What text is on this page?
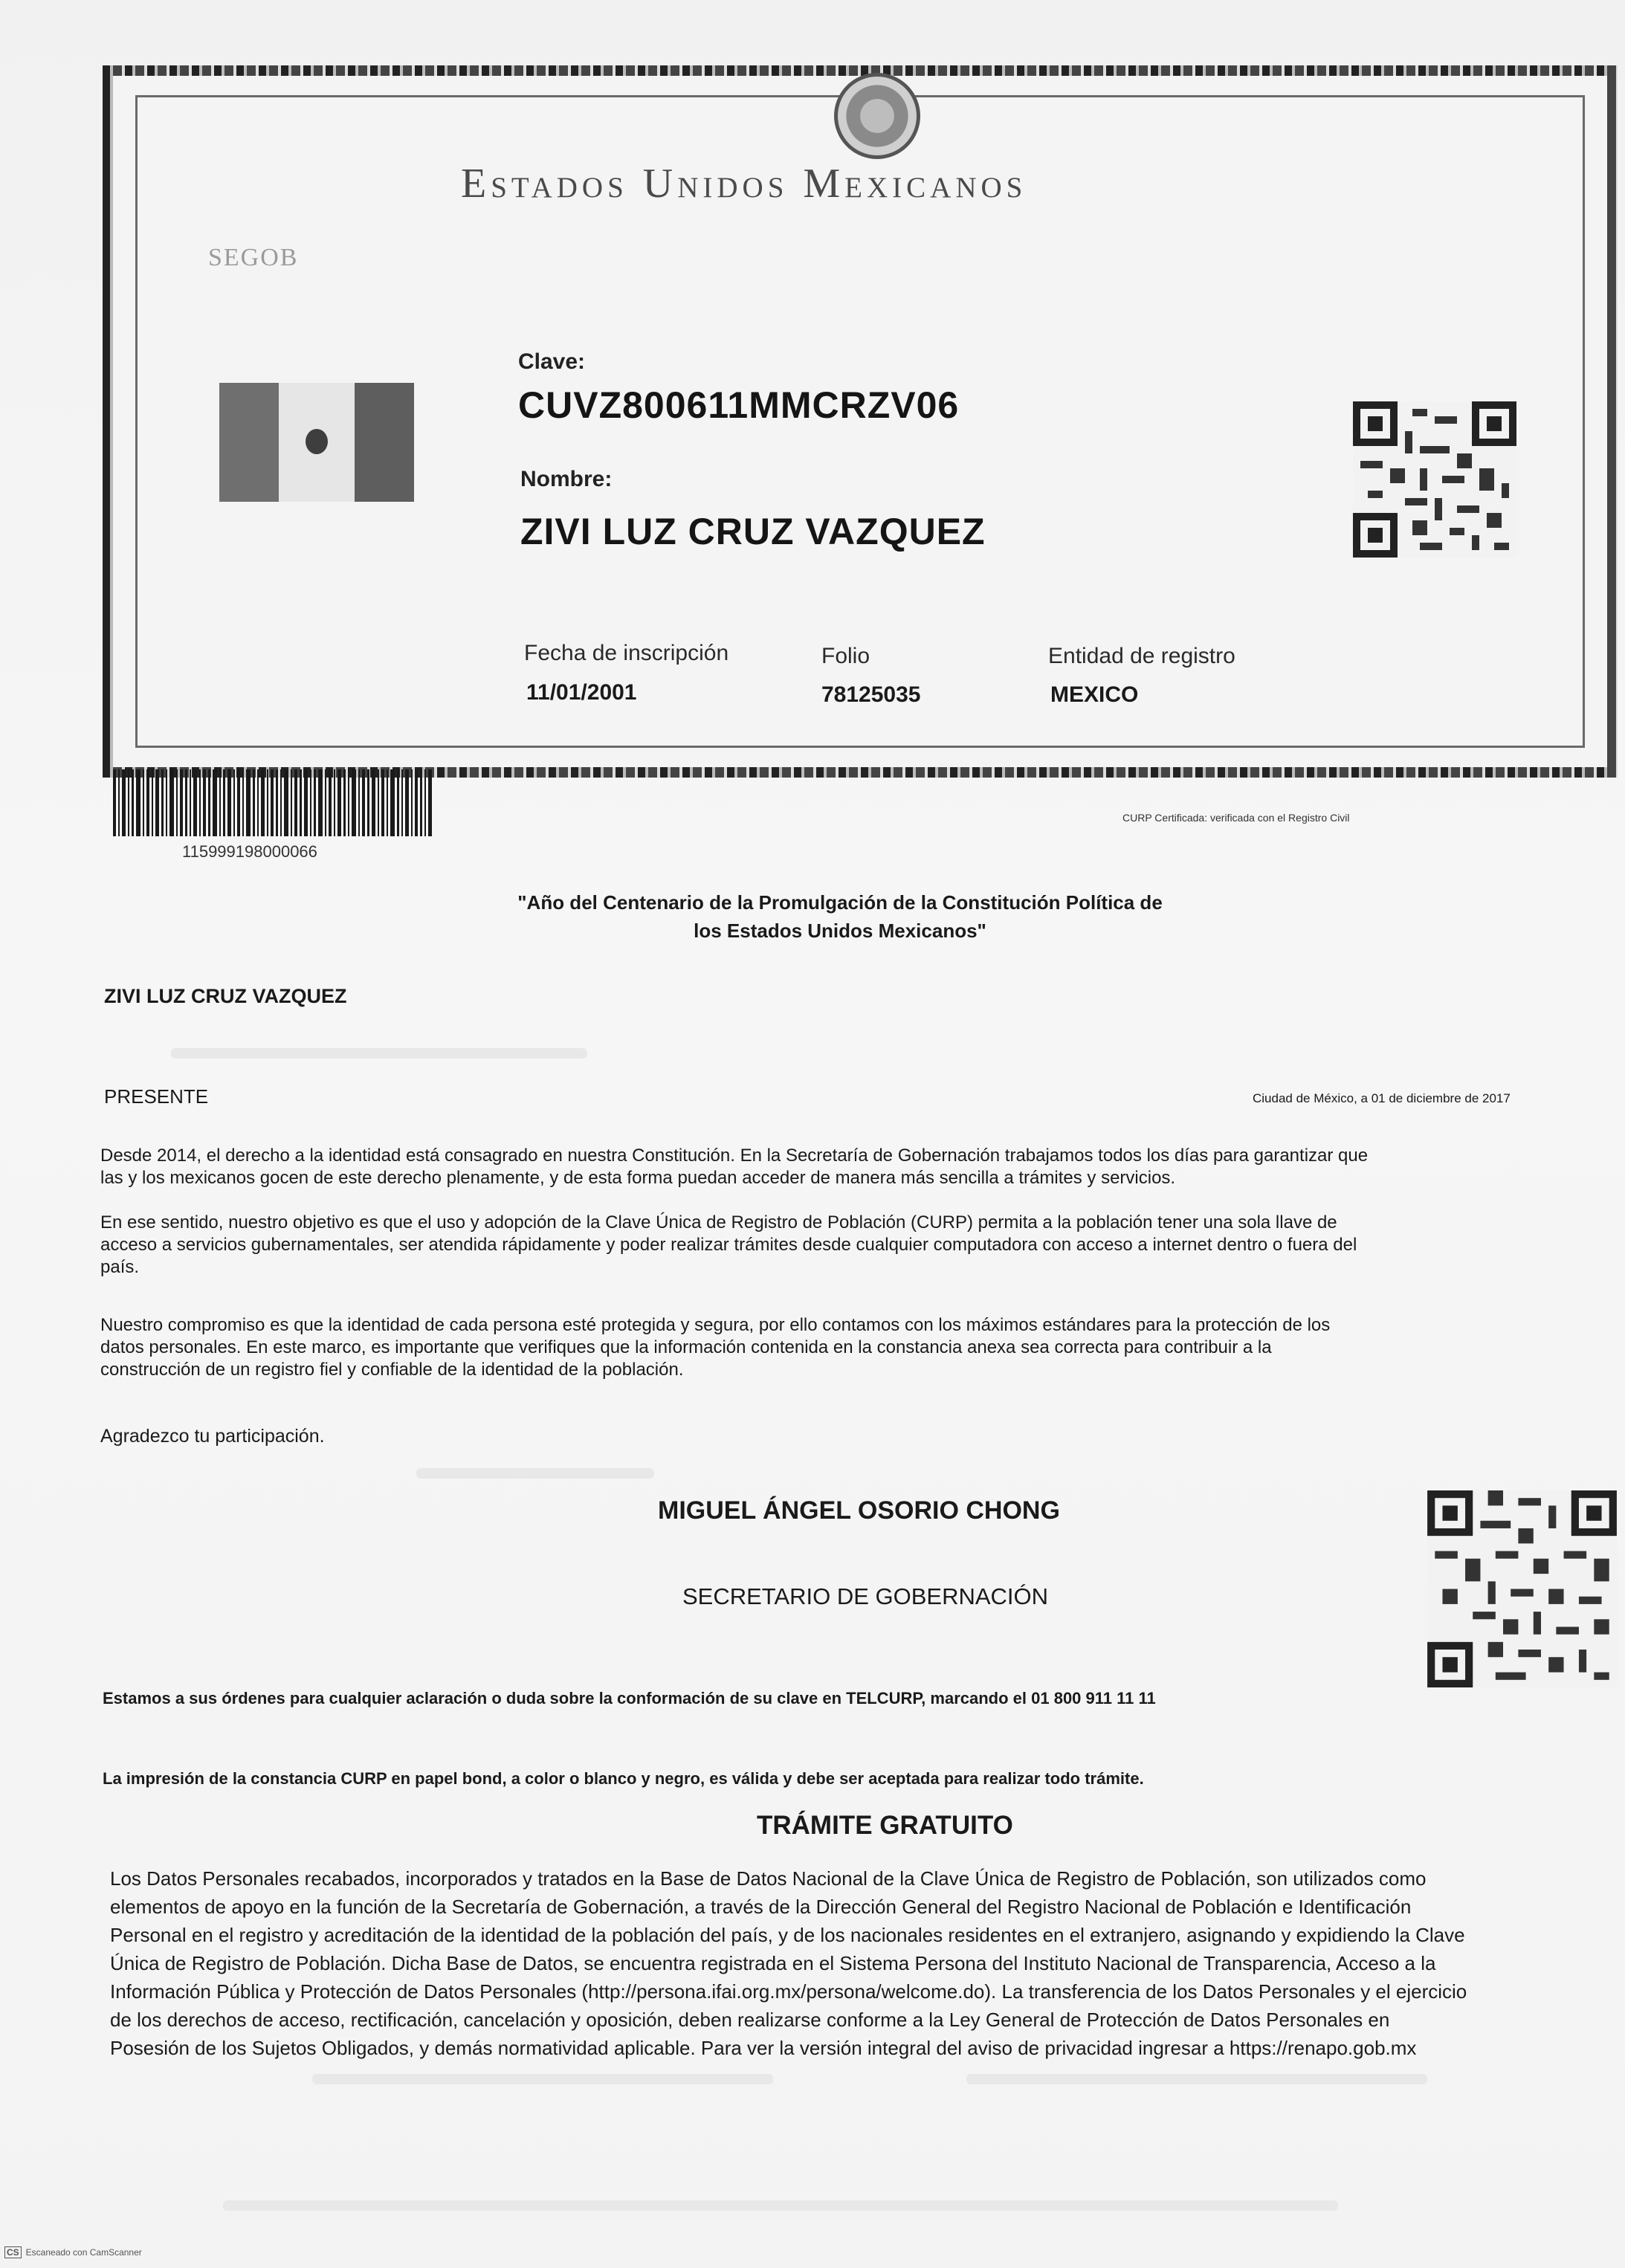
Estados Unidos Mexicanos
SEGOB
Clave:
CUVZ800611MMCRZV06
Nombre:
ZIVI LUZ CRUZ VAZQUEZ
Fecha de inscripción
11/01/2001
Folio
78125035
Entidad de registro
MEXICO
115999198000066
CURP Certificada: verificada con el Registro Civil
"Año del Centenario de la Promulgación de la Constitución Política de
los Estados Unidos Mexicanos"
ZIVI LUZ CRUZ VAZQUEZ
PRESENTE	Ciudad de México, a 01 de diciembre de 2017
Desde 2014, el derecho a la identidad está consagrado en nuestra Constitución. En la Secretaría de Gobernación trabajamos todos los días para garantizar que
las y los mexicanos gocen de este derecho plenamente, y de esta forma puedan acceder de manera más sencilla a trámites y servicios.
En ese sentido, nuestro objetivo es que el uso y adopción de la Clave Única de Registro de Población (CURP) permita a la población tener una sola llave de
acceso a servicios gubernamentales, ser atendida rápidamente y poder realizar trámites desde cualquier computadora con acceso a internet dentro o fuera del
país.
Nuestro compromiso es que la identidad de cada persona esté protegida y segura, por ello contamos con los máximos estándares para la protección de los
datos personales. En este marco, es importante que verifiques que la información contenida en la constancia anexa sea correcta para contribuir a la
construcción de un registro fiel y confiable de la identidad de la población.
Agradezco tu participación.
MIGUEL ÁNGEL OSORIO CHONG
SECRETARIO DE GOBERNACIÓN
Estamos a sus órdenes para cualquier aclaración o duda sobre la conformación de su clave en TELCURP, marcando el 01 800 911 11 11
La impresión de la constancia CURP en papel bond, a color o blanco y negro, es válida y debe ser aceptada para realizar todo trámite.
TRÁMITE GRATUITO
Los Datos Personales recabados, incorporados y tratados en la Base de Datos Nacional de la Clave Única de Registro de Población, son utilizados como
elementos de apoyo en la función de la Secretaría de Gobernación, a través de la Dirección General del Registro Nacional de Población e Identificación
Personal en el registro y acreditación de la identidad de la población del país, y de los nacionales residentes en el extranjero, asignando y expidiendo la Clave
Única de Registro de Población. Dicha Base de Datos, se encuentra registrada en el Sistema Persona del Instituto Nacional de Transparencia, Acceso a la
Información Pública y Protección de Datos Personales (http://persona.ifai.org.mx/persona/welcome.do). La transferencia de los Datos Personales y el ejercicio
de los derechos de acceso, rectificación, cancelación y oposición, deben realizarse conforme a la Ley General de Protección de Datos Personales en
Posesión de los Sujetos Obligados, y demás normatividad aplicable. Para ver la versión integral del aviso de privacidad ingresar a https://renapo.gob.mx
CS Escaneado con CamScanner
